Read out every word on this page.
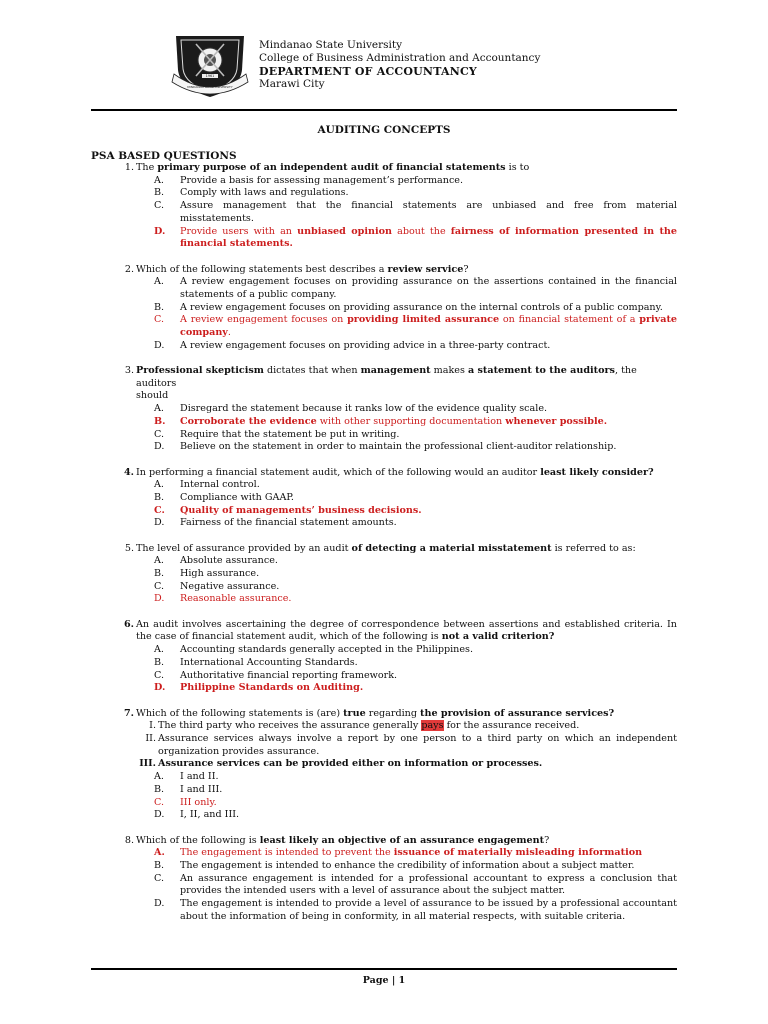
1961
MINDANAO STATE UNIVERSITY
Mindanao State University
College of Business Administration and Accountancy
DEPARTMENT OF ACCOUNTANCY
Marawi City
AUDITING CONCEPTS
PSA BASED QUESTIONS
1. The primary purpose of an independent audit of financial statements is to
A.	Provide a basis for assessing management’s performance.
B.	Comply with laws and regulations.
C.	Assure management that the financial statements are unbiased and free from material misstatements.
D.	Provide users with an unbiased opinion about the fairness of information presented in the financial statements.
2. Which of the following statements best describes a review service?
A.	A review engagement focuses on providing assurance on the assertions contained in the financial statements of a public company.
B.	A review engagement focuses on providing assurance on the internal controls of a public company.
C.	A review engagement focuses on providing limited assurance on financial statement of a private company.
D.	A review engagement focuses on providing advice in a three-party contract.
3. Professional skepticism dictates that when management makes a statement to the auditors, the auditors
should
A.	Disregard the statement because it ranks low of the evidence quality scale.
B.	Corroborate the evidence with other supporting documentation whenever possible.
C.	Require that the statement be put in writing.
D.	Believe on the statement in order to maintain the professional client-auditor relationship.
4. In performing a financial statement audit, which of the following would an auditor least likely consider?
A.	Internal control.
B.	Compliance with GAAP.
C.	Quality of managements’ business decisions.
D.	Fairness of the financial statement amounts.
5. The level of assurance provided by an audit of detecting a material misstatement is referred to as:
A.	Absolute assurance.
B.	High assurance.
C.	Negative assurance.
D.	Reasonable assurance.
6. An audit involves ascertaining the degree of correspondence between assertions and established criteria. In the case of financial statement audit, which of the following is not a valid criterion?
A.	Accounting standards generally accepted in the Philippines.
B.	International Accounting Standards.
C.	Authoritative financial reporting framework.
D.	Philippine Standards on Auditing.
7. Which of the following statements is (are) true regarding the provision of assurance services?
I. The third party who receives the assurance generally pays for the assurance received.
II. Assurance services always involve a report by one person to a third party on which an independent organization provides assurance.
III. Assurance services can be provided either on information or processes.
A.	I and II.
B.	I and III.
C.	III only.
D.	I, II, and III.
8. Which of the following is least likely an objective of an assurance engagement?
A.	The engagement is intended to prevent the issuance of materially misleading information
B.	The engagement is intended to enhance the credibility of information about a subject matter.
C.	An assurance engagement is intended for a professional accountant to express a conclusion that provides the intended users with a level of assurance about the subject matter.
D.	The engagement is intended to provide a level of assurance to be issued by a professional accountant about the information of being in conformity, in all material respects, with suitable criteria.
Page | 1
